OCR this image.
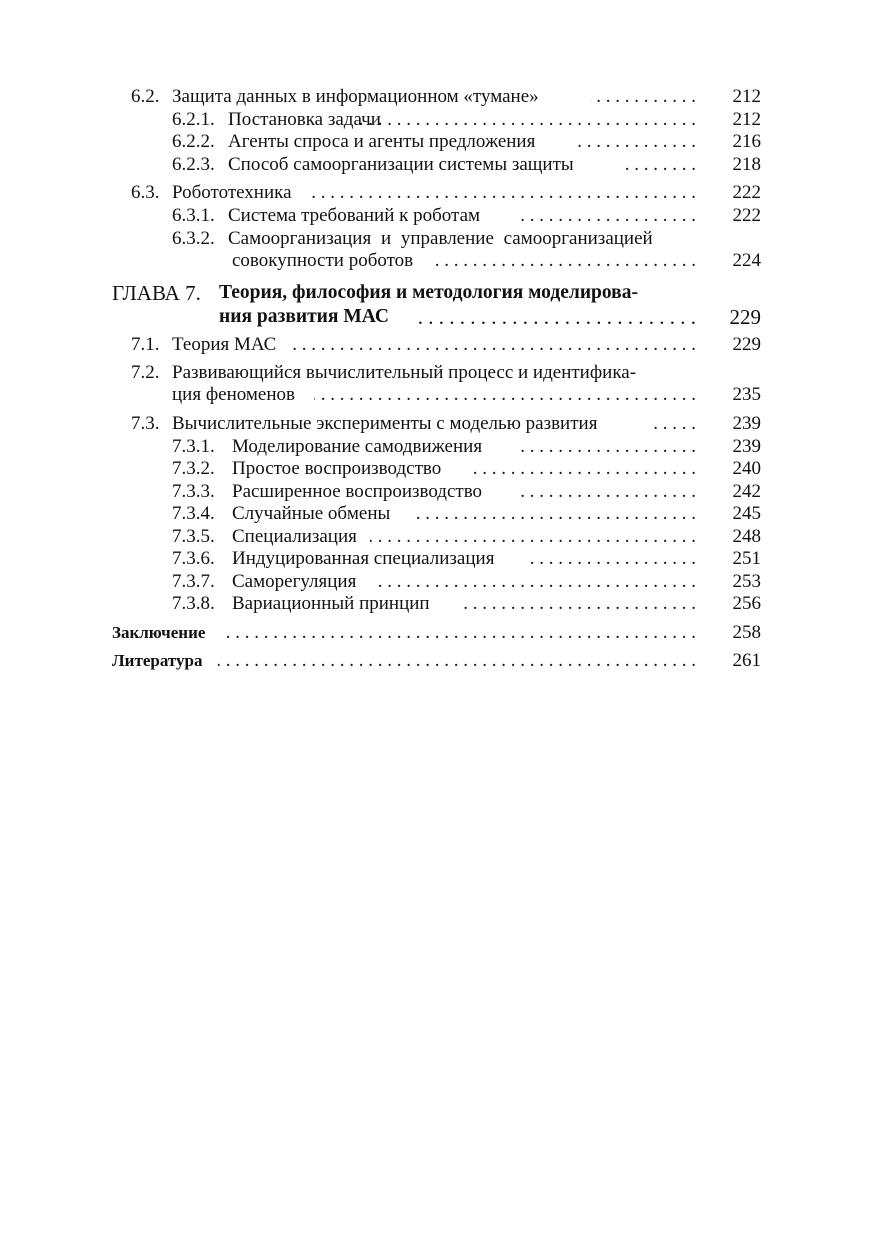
6.2. Защита данных в информационном «тумане» . . .	212
6.2.1. Постановка задачи . . .	212
6.2.2. Агенты спроса и агенты предложения . . .	216
6.2.3. Способ самоорганизации системы защиты . . .	218
6.3. Робототехника . . .	222
6.3.1. Система требований к роботам . . .	222
6.3.2. Самоорганизация и управление самоорганизацией
совокупности роботов . . .	224
ГЛАВА 7. Теория, философия и методология моделирова-
ния развития МАС . . .	229
7.1. Теория МАС . . .	229
7.2. Развивающийся вычислительный процесс и идентифика-
ция феноменов . . .	235
7.3. Вычислительные эксперименты с моделью развития . . .	239
7.3.1. Моделирование самодвижения . . .	239
7.3.2. Простое воспроизводство . . .	240
7.3.3. Расширенное воспроизводство . . .	242
7.3.4. Случайные обмены . . .	245
7.3.5. Специализация . . .	248
7.3.6. Индуцированная специализация . . .	251
7.3.7. Саморегуляция . . .	253
7.3.8. Вариационный принцип . . .	256
Заключение . . .	258
Литература . . .	261
